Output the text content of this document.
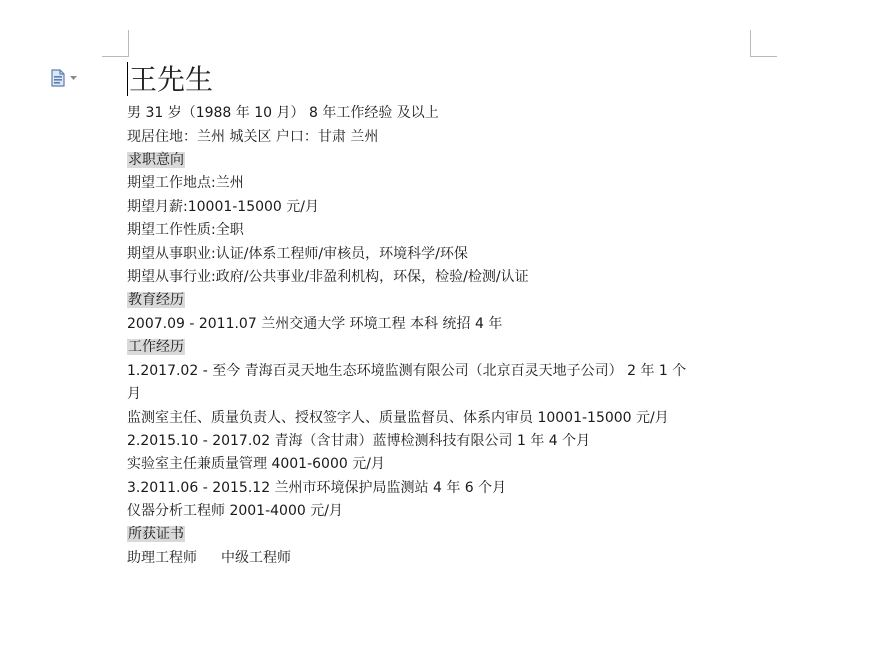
王先生
男 31 岁（1988 年 10 月） 8 年工作经验 及以上
现居住地：兰州 城关区 户口：甘肃 兰州
求职意向
期望工作地点:兰州
期望月薪:10001-15000 元/月
期望工作性质:全职
期望从事职业:认证/体系工程师/审核员，环境科学/环保
期望从事行业:政府/公共事业/非盈利机构，环保，检验/检测/认证
教育经历
2007.09 - 2011.07 兰州交通大学 环境工程 本科 统招 4 年
工作经历
1.2017.02 - 至今 青海百灵天地生态环境监测有限公司（北京百灵天地子公司） 2 年 1 个
月
监测室主任、质量负责人、授权签字人、质量监督员、体系内审员 10001-15000 元/月
2.2015.10 - 2017.02 青海（含甘肃）蓝博检测科技有限公司 1 年 4 个月
实验室主任兼质量管理 4001-6000 元/月
3.2011.06 - 2015.12 兰州市环境保护局监测站 4 年 6 个月
仪器分析工程师 2001-4000 元/月
所获证书
助理工程师 中级工程师
